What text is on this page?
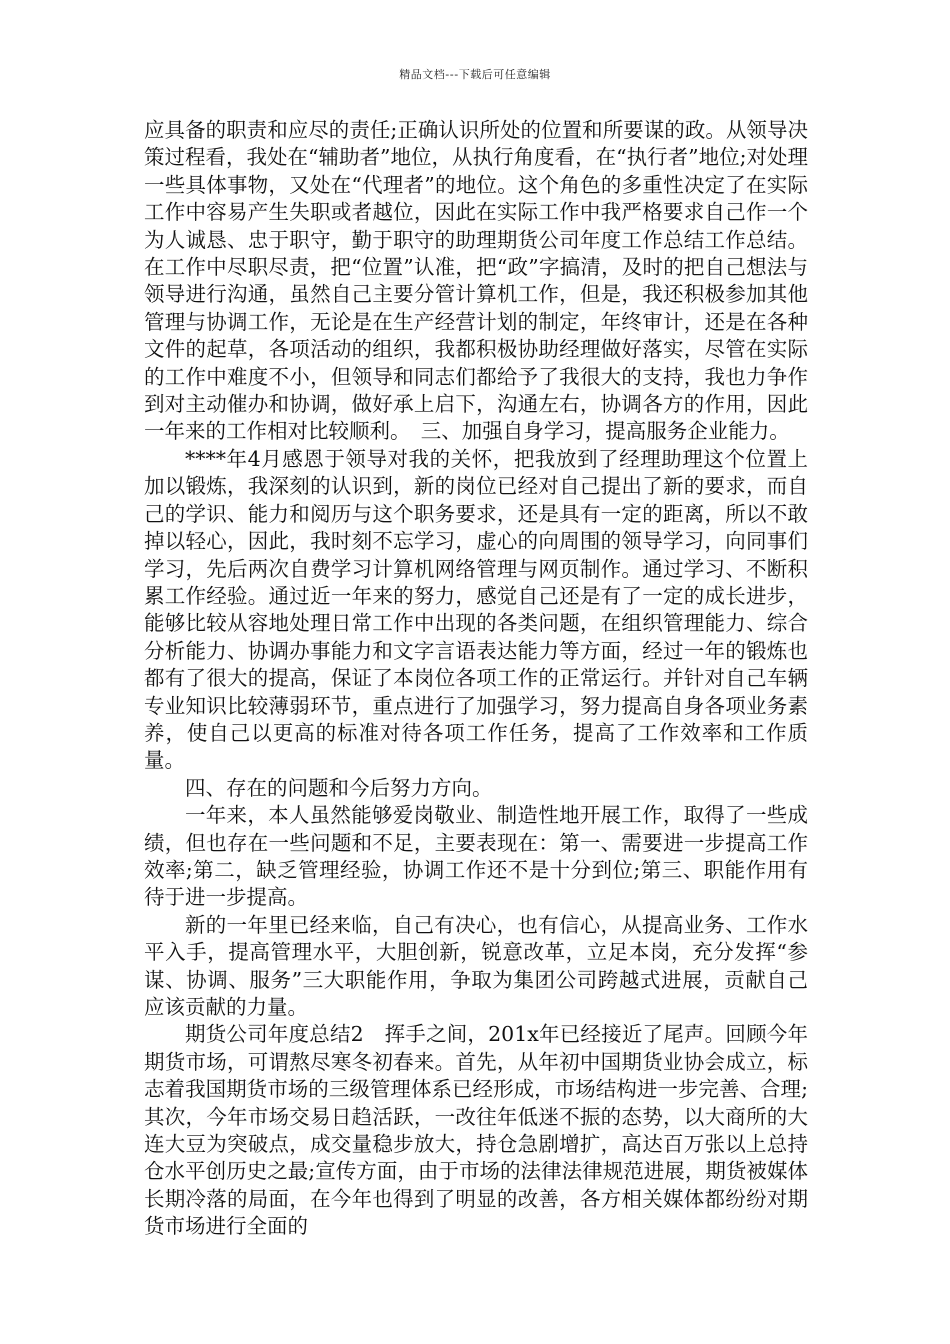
精品文档---下载后可任意编辑

应具备的职责和应尽的责任;正确认识所处的位置和所要谋的政。从领导决策过程看，我处在“辅助者”地位，从执行角度看，在“执行者”地位;对处理一些具体事物，又处在“代理者”的地位。这个角色的多重性决定了在实际工作中容易产生失职或者越位，因此在实际工作中我严格要求自己作一个为人诚恳、忠于职守，勤于职守的助理期货公司年度工作总结工作总结。在工作中尽职尽责，把“位置”认准，把“政”字搞清，及时的把自己想法与领导进行沟通，虽然自己主要分管计算机工作，但是，我还积极参加其他管理与协调工作，无论是在生产经营计划的制定，年终审计，还是在各种文件的起草，各项活动的组织，我都积极协助经理做好落实，尽管在实际的工作中难度不小，但领导和同志们都给予了我很大的支持，我也力争作到对主动催办和协调，做好承上启下，沟通左右，协调各方的作用，因此一年来的工作相对比较顺利。　三、加强自身学习，提高服务企业能力。

****年4月感恩于领导对我的关怀，把我放到了经理助理这个位置上加以锻炼，我深刻的认识到，新的岗位已经对自己提出了新的要求，而自己的学识、能力和阅历与这个职务要求，还是具有一定的距离，所以不敢掉以轻心，因此，我时刻不忘学习，虚心的向周围的领导学习，向同事们学习，先后两次自费学习计算机网络管理与网页制作。通过学习、不断积累工作经验。通过近一年来的努力，感觉自己还是有了一定的成长进步，能够比较从容地处理日常工作中出现的各类问题，在组织管理能力、综合分析能力、协调办事能力和文字言语表达能力等方面，经过一年的锻炼也都有了很大的提高，保证了本岗位各项工作的正常运行。并针对自己车辆专业知识比较薄弱环节，重点进行了加强学习，努力提高自身各项业务素养，使自己以更高的标准对待各项工作任务，提高了工作效率和工作质量。

四、存在的问题和今后努力方向。

一年来，本人虽然能够爱岗敬业、制造性地开展工作，取得了一些成绩，但也存在一些问题和不足，主要表现在：第一、需要进一步提高工作效率;第二，缺乏管理经验，协调工作还不是十分到位;第三、职能作用有待于进一步提高。

新的一年里已经来临，自己有决心，也有信心，从提高业务、工作水平入手，提高管理水平，大胆创新，锐意改革，立足本岗，充分发挥“参谋、协调、服务”三大职能作用，争取为集团公司跨越式进展，贡献自己应该贡献的力量。

期货公司年度总结2　挥手之间，201x年已经接近了尾声。回顾今年期货市场，可谓熬尽寒冬初春来。首先，从年初中国期货业协会成立，标志着我国期货市场的三级管理体系已经形成，市场结构进一步完善、合理;其次，今年市场交易日趋活跃，一改往年低迷不振的态势，以大商所的大连大豆为突破点，成交量稳步放大，持仓急剧增扩，高达百万张以上总持仓水平创历史之最;宣传方面，由于市场的法律法律规范进展，期货被媒体长期冷落的局面，在今年也得到了明显的改善，各方相关媒体都纷纷对期货市场进行全面的
